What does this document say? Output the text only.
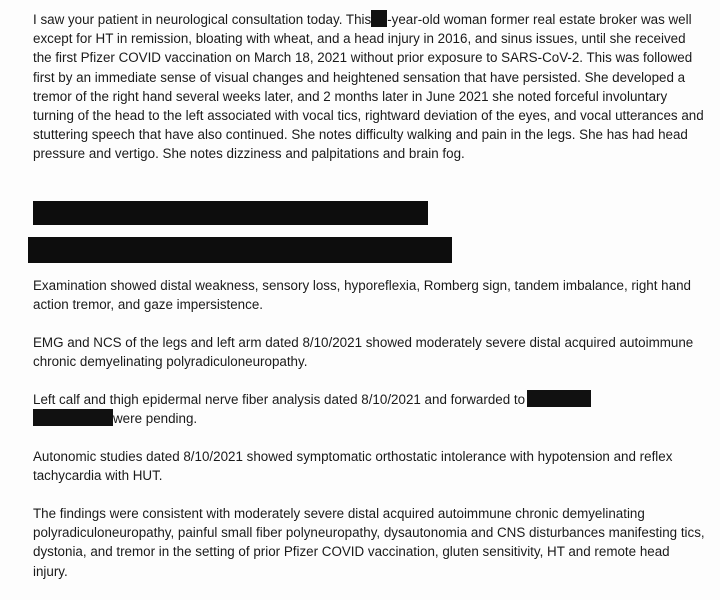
I saw your patient in neurological consultation today. This -year-old woman former real estate broker was well except for HT in remission, bloating with wheat, and a head injury in 2016, and sinus issues, until she received the first Pfizer COVID vaccination on March 18, 2021 without prior exposure to SARS-CoV-2. This was followed first by an immediate sense of visual changes and heightened sensation that have persisted. She developed a tremor of the right hand several weeks later, and 2 months later in June 2021 she noted forceful involuntary turning of the head to the left associated with vocal tics, rightward deviation of the eyes, and vocal utterances and stuttering speech that have also continued. She notes difficulty walking and pain in the legs. She has had head pressure and vertigo. She notes dizziness and palpitations and brain fog.

Examination showed distal weakness, sensory loss, hyporeflexia, Romberg sign, tandem imbalance, right hand action tremor, and gaze impersistence.

EMG and NCS of the legs and left arm dated 8/10/2021 showed moderately severe distal acquired autoimmune chronic demyelinating polyradiculoneuropathy.

Left calf and thigh epidermal nerve fiber analysis dated 8/10/2021 and forwarded to
were pending.

Autonomic studies dated 8/10/2021 showed symptomatic orthostatic intolerance with hypotension and reflex tachycardia with HUT.

The findings were consistent with moderately severe distal acquired autoimmune chronic demyelinating polyradiculoneuropathy, painful small fiber polyneuropathy, dysautonomia and CNS disturbances manifesting tics, dystonia, and tremor in the setting of prior Pfizer COVID vaccination, gluten sensitivity, HT and remote head injury.
